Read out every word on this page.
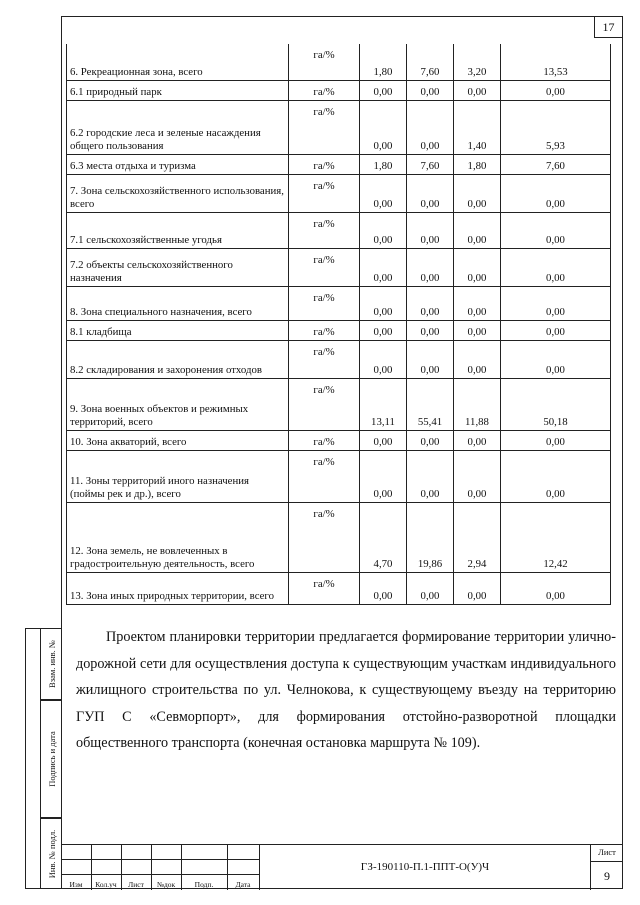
17
Взам. инв. №
Подпись и дата
Инв. № подл.
6. Рекреационная зона, всего	га/%	1,80	7,60	3,20	13,53
6.1 природный парк	га/%	0,00	0,00	0,00	0,00
6.2 городские леса и зеленые насаждения общего пользования	га/%	0,00	0,00	1,40	5,93
6.3 места отдыха и туризма	га/%	1,80	7,60	1,80	7,60
7. Зона сельскохозяйственного использования, всего	га/%	0,00	0,00	0,00	0,00
7.1 сельскохозяйственные угодья	га/%	0,00	0,00	0,00	0,00
7.2 объекты сельскохозяйственного назначения	га/%	0,00	0,00	0,00	0,00
8. Зона специального назначения, всего	га/%	0,00	0,00	0,00	0,00
8.1 кладбища	га/%	0,00	0,00	0,00	0,00
8.2 складирования и захоронения отходов	га/%	0,00	0,00	0,00	0,00
9. Зона военных объектов и режимных территорий, всего	га/%	13,11	55,41	11,88	50,18
10. Зона акваторий, всего	га/%	0,00	0,00	0,00	0,00
11. Зоны территорий иного назначения (поймы рек и др.), всего	га/%	0,00	0,00	0,00	0,00
12. Зона земель, не вовлеченных в градостроительную деятельность, всего	га/%	4,70	19,86	2,94	12,42
13. Зона иных природных территории, всего	га/%	0,00	0,00	0,00	0,00
Проектом планировки территории предлагается формирование территории улично-дорожной сети для осуществления доступа к существующим участкам индивидуального жилищного строительства по ул. Челнокова, к существующему въезду на территорию ГУП С «Севморпорт», для формирования отстойно-разворотной площадки общественного транспорта (конечная остановка маршрута № 109).
Изм	Кол.уч	Лист	№док	Подп.	Дата
ГЗ-190110-П.1-ППТ-О(У)Ч
Лист
9
